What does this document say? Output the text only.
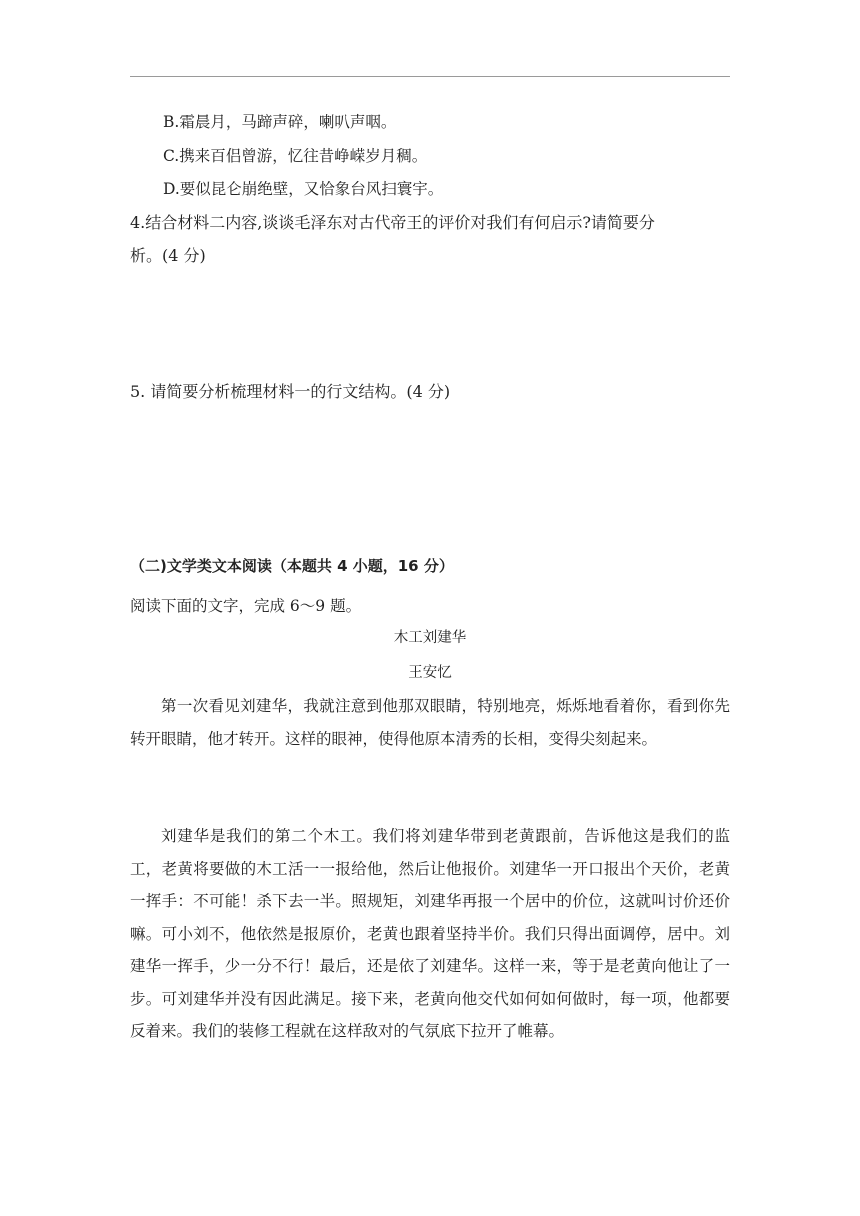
B.霜晨月，马蹄声碎，喇叭声咽。
C.携来百侣曾游，忆往昔峥嵘岁月稠。
D.要似昆仑崩绝壁，又恰象台风扫寰宇。
4.结合材料二内容,谈谈毛泽东对古代帝王的评价对我们有何启示?请简要分
析。(4 分)
5. 请简要分析梳理材料一的行文结构。(4 分)
（二)文学类文本阅读（本题共 4 小题，16 分）
阅读下面的文字，完成 6～9 题。
木工刘建华
王安忆
第一次看见刘建华，我就注意到他那双眼睛，特别地亮，烁烁地看着你，看到你先转开眼睛，他才转开。这样的眼神，使得他原本清秀的长相，变得尖刻起来。
刘建华是我们的第二个木工。我们将刘建华带到老黄跟前，告诉他这是我们的监工，老黄将要做的木工活一一报给他，然后让他报价。刘建华一开口报出个天价，老黄一挥手：不可能！杀下去一半。照规矩，刘建华再报一个居中的价位，这就叫讨价还价嘛。可小刘不，他依然是报原价，老黄也跟着坚持半价。我们只得出面调停，居中。刘建华一挥手，少一分不行！最后，还是依了刘建华。这样一来，等于是老黄向他让了一步。可刘建华并没有因此满足。接下来，老黄向他交代如何如何做时，每一项，他都要反着来。我们的装修工程就在这样敌对的气氛底下拉开了帷幕。
